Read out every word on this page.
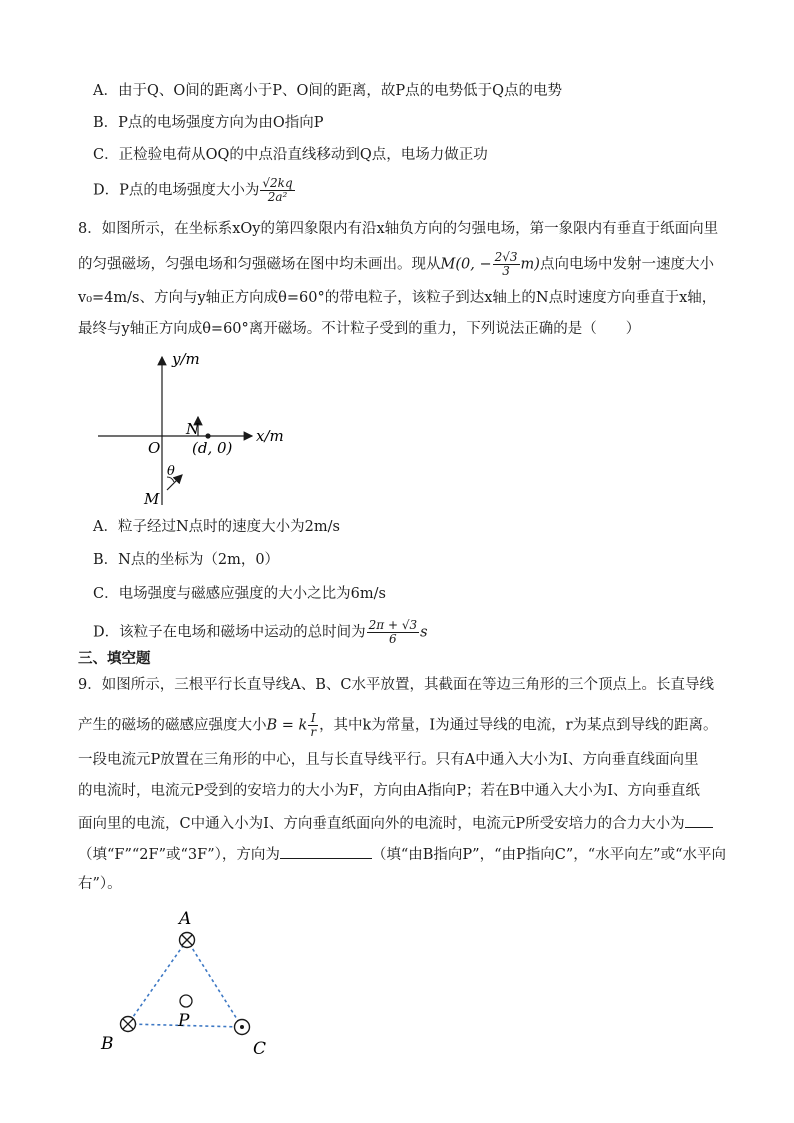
A．由于Q、O间的距离小于P、O间的距离，故P点的电势低于Q点的电势
B．P点的电场强度方向为由O指向P
C．正检验电荷从OQ的中点沿直线移动到Q点，电场力做正功
D．P点的电场强度大小为 $\frac{√2kq}{\text{2a²}}$
8．如图所示，在坐标系xOy的第四象限内有沿x轴负方向的匀强电场，第一象限内有垂直于纸面向里
的匀强磁场，匀强电场和匀强磁场在图中均未画出。现从M(0, − $\frac{2√3}{3} m$)点向电场中发射一速度大小
v₀=4m/s、方向与y轴正方向成θ=60°的带电粒子，该粒子到达x轴上的N点时速度方向垂直于x轴，
最终与y轴正方向成θ=60°离开磁场。不计粒子受到的重力，下列说法正确的是（　　）
y/m
x/m
O
N
(d, 0)
θ
M
A．粒子经过N点时的速度大小为2m/s
B．N点的坐标为（2m，0）
C．电场强度与磁感应强度的大小之比为6m/s
D．该粒子在电场和磁场中运动的总时间为 $\frac{2\pi + √3}{6}$ s
三、填空题
9．如图所示，三根平行长直导线A、B、C水平放置，其截面在等边三角形的三个顶点上。长直导线
产生的磁场的磁感应强度大小B = k $\frac{I}{r}$ ，其中k为常量，I为通过导线的电流，r为某点到导线的距离。
一段电流元P放置在三角形的中心，且与长直导线平行。只有A中通入大小为I、方向垂直线面向里
的电流时，电流元P受到的安培力的大小为F，方向由A指向P；若在B中通入大小为I、方向垂直纸
面向里的电流，C中通入小为I、方向垂直纸面向外的电流时，电流元P所受安培力的合力大小为
（填“F”“2F”或“3F”），方向为	（填“由B指向P”，“由P指向C”，“水平向左”或“水平向
右”）。
A
B	C
P
